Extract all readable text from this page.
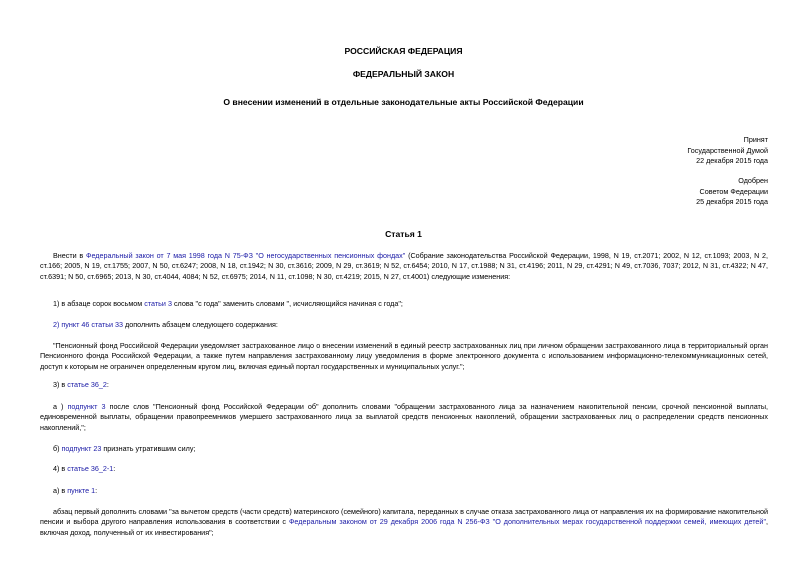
РОССИЙСКАЯ ФЕДЕРАЦИЯ
ФЕДЕРАЛЬНЫЙ ЗАКОН
О внесении изменений в отдельные законодательные акты Российской Федерации
Принят
Государственной Думой
22 декабря 2015 года
Одобрен
Советом Федерации
25 декабря 2015 года
Статья 1
Внести в Федеральный закон от 7 мая 1998 года N 75-ФЗ "О негосударственных пенсионных фондах" (Собрание законодательства Российской Федерации, 1998, N 19, ст.2071; 2002, N 12, ст.1093; 2003, N 2, ст.166; 2005, N 19, ст.1755; 2007, N 50, ст.6247; 2008, N 18, ст.1942; N 30, ст.3616; 2009, N 29, ст.3619; N 52, ст.6454; 2010, N 17, ст.1988; N 31, ст.4196; 2011, N 29, ст.4291; N 49, ст.7036, 7037; 2012, N 31, ст.4322; N 47, ст.6391; N 50, ст.6965; 2013, N 30, ст.4044, 4084; N 52, ст.6975; 2014, N 11, ст.1098; N 30, ст.4219; 2015, N 27, ст.4001) следующие изменения:
1) в абзаце сорок восьмом статьи 3 слова "с года" заменить словами ", исчисляющийся начиная с года";
2) пункт 46 статьи 33 дополнить абзацем следующего содержания:
"Пенсионный фонд Российской Федерации уведомляет застрахованное лицо о внесении изменений в единый реестр застрахованных лиц при личном обращении застрахованного лица в территориальный орган Пенсионного фонда Российской Федерации, а также путем направления застрахованному лицу уведомления в форме электронного документа с использованием информационно-телекоммуникационных сетей, доступ к которым не ограничен определенным кругом лиц, включая единый портал государственных и муниципальных услуг.";
3) в статье 36_2:
а ) подпункт 3 после слов "Пенсионный фонд Российской Федерации об" дополнить словами "обращении застрахованного лица за назначением накопительной пенсии, срочной пенсионной выплаты, единовременной выплаты, обращении правопреемников умершего застрахованного лица за выплатой средств пенсионных накоплений, обращении застрахованных лиц о распределении средств пенсионных накоплений,";
б) подпункт 23 признать утратившим силу;
4) в статье 36_2-1:
а) в пункте 1:
абзац первый дополнить словами "за вычетом средств (части средств) материнского (семейного) капитала, переданных в случае отказа застрахованного лица от направления их на формирование накопительной пенсии и выбора другого направления использования в соответствии с Федеральным законом от 29 декабря 2006 года N 256-ФЗ "О дополнительных мерах государственной поддержки семей, имеющих детей", включая доход, полученный от их инвестирования";
